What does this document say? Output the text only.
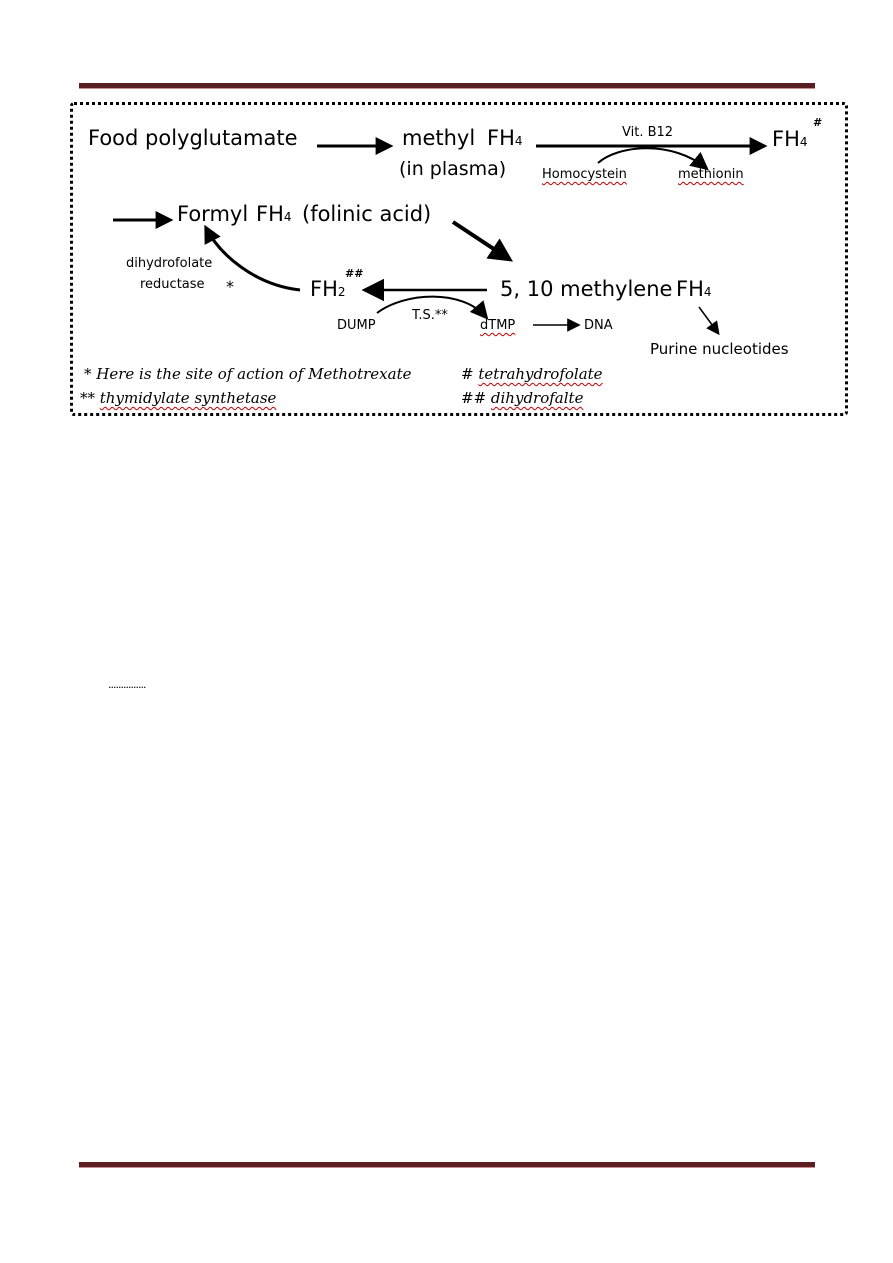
Food polyglutamate	methyl FH4
(in plasma)
Vit. B12
Homocystein	methionin
FH4
#
Formyl FH4 (folinic acid)
dihydrofolate
reductase *	FH2
##
5, 10 methylene FH4
T.S.**
DUMP	dTMP	DNA
Purine nucleotides
* Here is the site of action of Methotrexate
** thymidylate synthetase
# tetrahydrofolate
## dihydrofalte
...............
